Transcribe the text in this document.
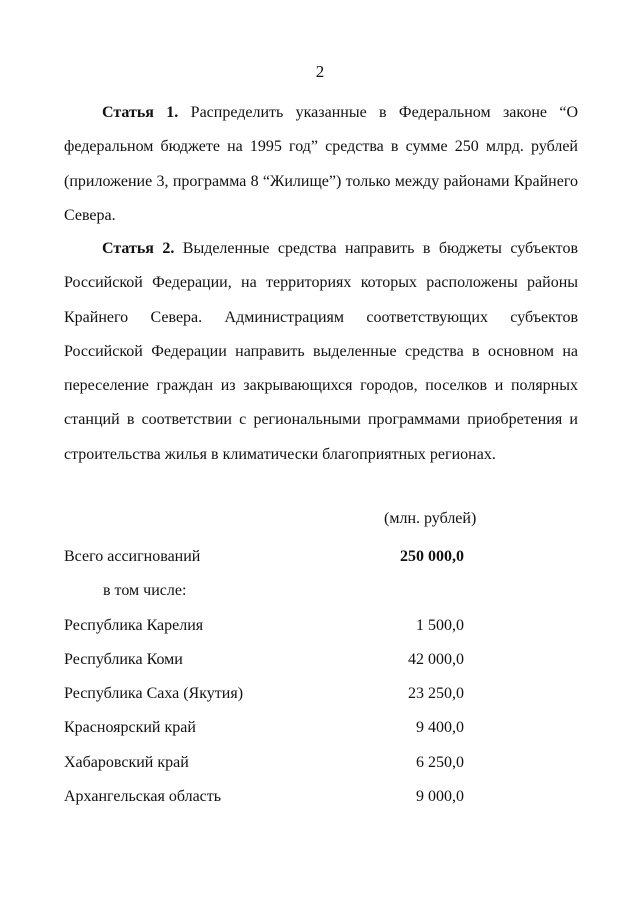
2
Статья 1. Распределить указанные в Федеральном законе “О
федеральном бюджете на 1995 год” средства в сумме 250 млрд. рублей
(приложение 3, программа 8 “Жилище”) только между районами Крайнего
Севера.
Статья 2. Выделенные средства направить в бюджеты субъектов
Российской Федерации, на территориях которых расположены районы
Крайнего Севера. Администрациям соответствующих субъектов
Российской Федерации направить выделенные средства в основном на
переселение граждан из закрывающихся городов, поселков и полярных
станций в соответствии с региональными программами приобретения и
строительства жилья в климатически благоприятных регионах.
(млн. рублей)
Всего ассигнований	250 000,0
в том числе:
Республика Карелия	1 500,0
Республика Коми	42 000,0
Республика Саха (Якутия)	23 250,0
Красноярский край	9 400,0
Хабаровский край	6 250,0
Архангельская область	9 000,0
